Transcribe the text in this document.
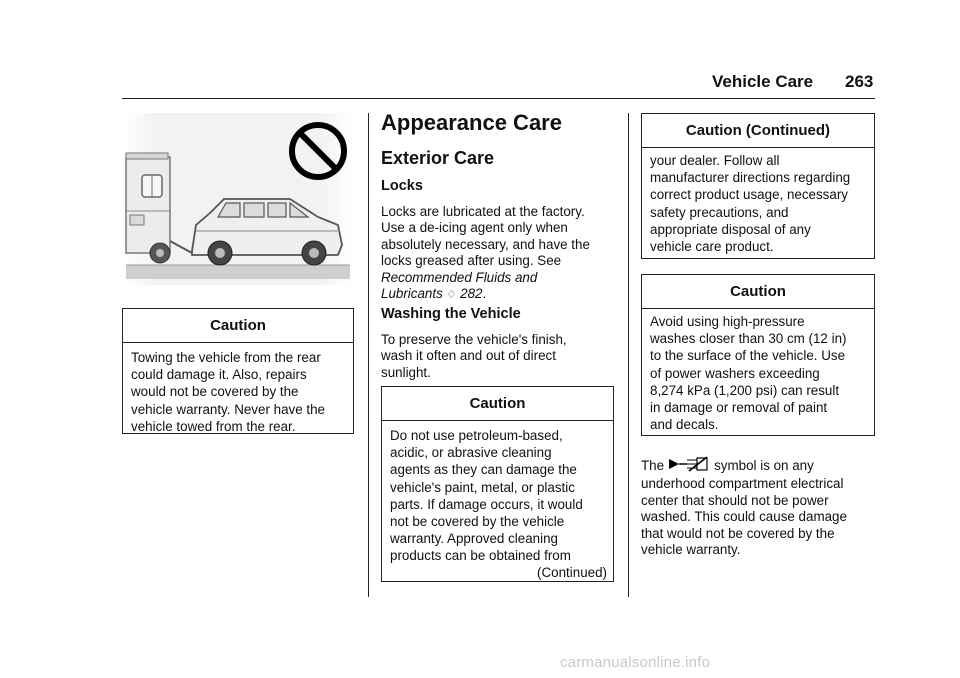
Vehicle Care 263
Caution
Towing the vehicle from the rear
could damage it. Also, repairs
would not be covered by the
vehicle warranty. Never have the
vehicle towed from the rear.
Appearance Care
Exterior Care
Locks
Locks are lubricated at the factory.
Use a de-icing agent only when
absolutely necessary, and have the
locks greased after using. See
Recommended Fluids and
Lubricants ♢ 282.
Washing the Vehicle
To preserve the vehicle's finish,
wash it often and out of direct
sunlight.
Caution
Do not use petroleum-based,
acidic, or abrasive cleaning
agents as they can damage the
vehicle's paint, metal, or plastic
parts. If damage occurs, it would
not be covered by the vehicle
warranty. Approved cleaning
products can be obtained from
(Continued)
Caution (Continued)
your dealer. Follow all
manufacturer directions regarding
correct product usage, necessary
safety precautions, and
appropriate disposal of any
vehicle care product.
Caution
Avoid using high-pressure
washes closer than 30 cm (12 in)
to the surface of the vehicle. Use
of power washers exceeding
8,274 kPa (1,200 psi) can result
in damage or removal of paint
and decals.
The	symbol is on any
underhood compartment electrical
center that should not be power
washed. This could cause damage
that would not be covered by the
vehicle warranty.
carmanualsonline.info
